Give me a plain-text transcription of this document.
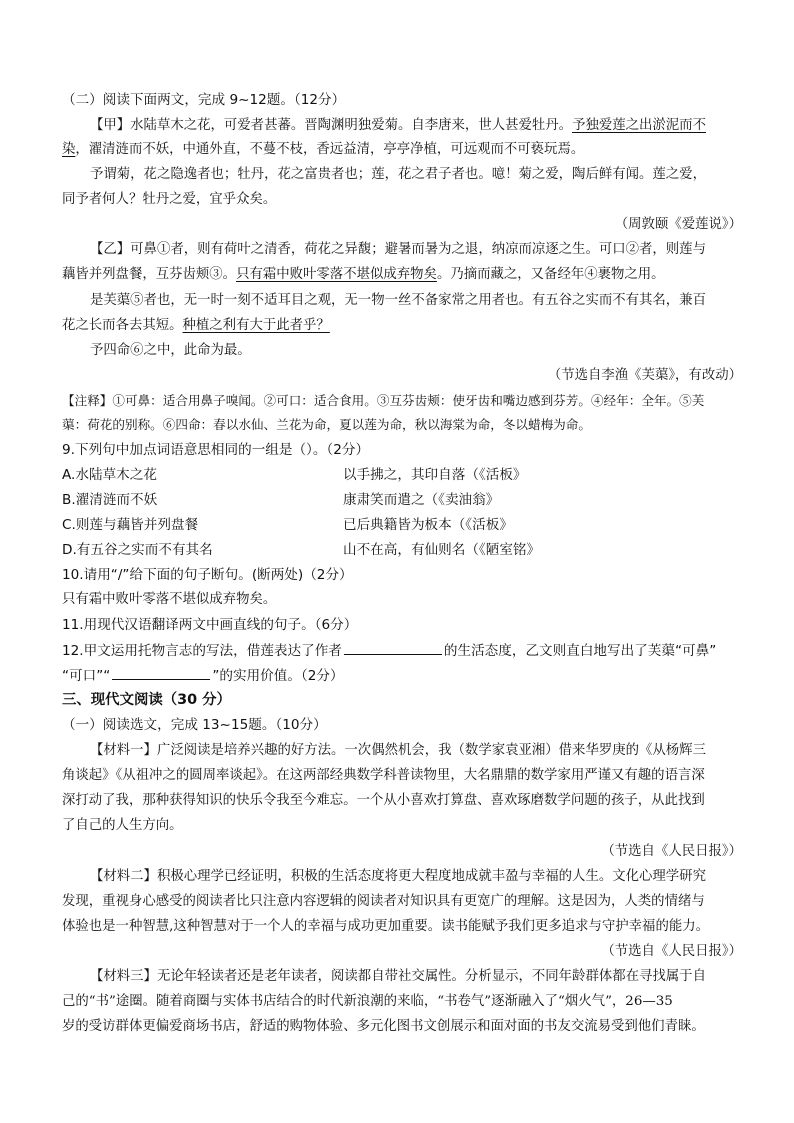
（二）阅读下面两文，完成 9~12题。（12分）
【甲】水陆草木之花，可爱者甚蕃。晋陶渊明独爱菊。自李唐来，世人甚爱牡丹。予独爱莲之出淤泥而不
染，濯清涟而不妖，中通外直，不蔓不枝，香远益清，亭亭净植，可远观而不可亵玩焉。
予谓菊，花之隐逸者也；牡丹，花之富贵者也；莲，花之君子者也。噫！菊之爱，陶后鲜有闻。莲之爱，
同予者何人？牡丹之爱，宜乎众矣。
（周敦颐《爱莲说》）
【乙】可鼻①者，则有荷叶之清香，荷花之异馥；避暑而暑为之退，纳凉而凉逐之生。可口②者，则莲与
藕皆并列盘餐，互芬齿颊③。只有霜中败叶零落不堪似成弃物矣。乃摘而藏之，又备经年④裹物之用。
是芙蕖⑤者也，无一时一刻不适耳目之观，无一物一丝不备家常之用者也。有五谷之实而不有其名，兼百
花之长而各去其短。种植之利有大于此者乎？
予四命⑥之中，此命为最。
（节选自李渔《芙蕖》，有改动）
【注释】①可鼻：适合用鼻子嗅闻。②可口：适合食用。③互芬齿颊：使牙齿和嘴边感到芬芳。④经年：全年。⑤芙
蕖：荷花的别称。⑥四命：春以水仙、兰花为命，夏以莲为命，秋以海棠为命，冬以蜡梅为命。
9.下列句中加点词语意思相同的一组是（）。（2分）
A.水陆草木之花	以手拂之，其印自落（《活板》
B.濯清涟而不妖	康肃笑而遣之（《卖油翁》
C.则莲与藕皆并列盘餐	已后典籍皆为板本（《活板》
D.有五谷之实而不有其名	山不在高，有仙则名（《陋室铭》
10.请用“/”给下面的句子断句。(断两处)（2分）
只有霜中败叶零落不堪似成弃物矣。
11.用现代汉语翻译两文中画直线的句子。（6分）
12.甲文运用托物言志的写法，借莲表达了作者	的生活态度，乙文则直白地写出了芙蕖“可鼻”
“可口”“	”的实用价值。（2分）
三、现代文阅读（30 分）
（一）阅读选文，完成 13~15题。（10分）
【材料一】广泛阅读是培养兴趣的好方法。一次偶然机会，我（数学家袁亚湘）借来华罗庚的《从杨辉三
角谈起》《从祖冲之的圆周率谈起》。在这两部经典数学科普读物里，大名鼎鼎的数学家用严谨又有趣的语言深
深打动了我，那种获得知识的快乐令我至今难忘。一个从小喜欢打算盘、喜欢琢磨数学问题的孩子，从此找到
了自己的人生方向。
（节选自《人民日报》）
【材料二】积极心理学已经证明，积极的生活态度将更大程度地成就丰盈与幸福的人生。文化心理学研究
发现，重视身心感受的阅读者比只注意内容逻辑的阅读者对知识具有更宽广的理解。这是因为，人类的情绪与
体验也是一种智慧,这种智慧对于一个人的幸福与成功更加重要。读书能赋予我们更多追求与守护幸福的能力。
（节选自《人民日报》）
【材料三】无论年轻读者还是老年读者，阅读都自带社交属性。分析显示，不同年龄群体都在寻找属于自
己的“书”途圈。随着商圈与实体书店结合的时代新浪潮的来临，“书卷气”逐渐融入了“烟火气”，26—35
岁的受访群体更偏爱商场书店，舒适的购物体验、多元化图书文创展示和面对面的书友交流易受到他们青睐。
